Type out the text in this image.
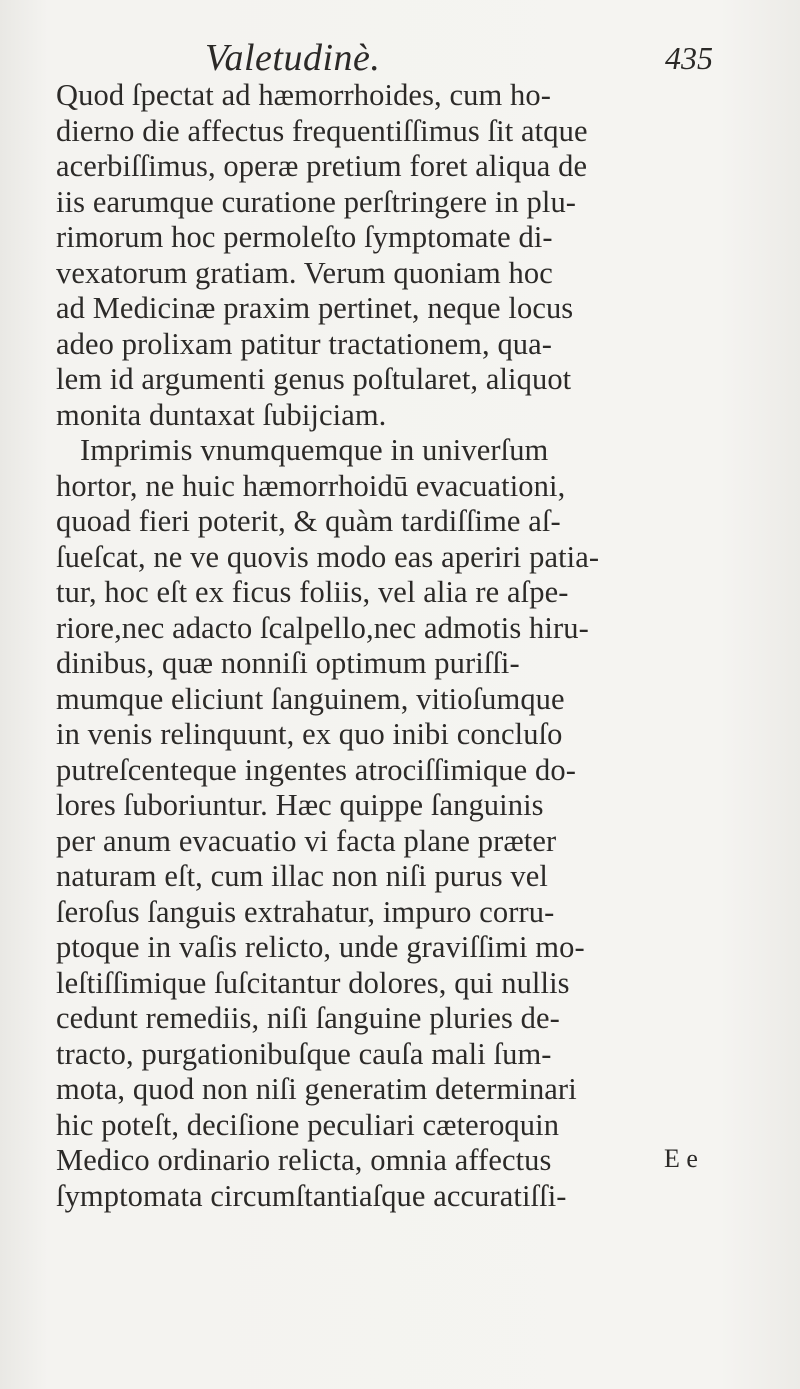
Valetudinè.	435
Quod ſpectat ad hæmorrhoides, cum ho-
dierno die affectus frequentiſſimus ſit atque
acerbiſſimus, operæ pretium foret aliqua de
iis earumque curatione perſtringere in plu-
rimorum hoc permoleſto ſymptomate di-
vexatorum gratiam. Verum quoniam hoc
ad Medicinæ praxim pertinet, neque locus
adeo prolixam patitur tractationem, qua-
lem id argumenti genus poſtularet, aliquot
monita duntaxat ſubijciam.
Imprimis vnumquemque in univerſum
hortor, ne huic hæmorrhoidū evacuationi,
quoad fieri poterit, & quàm tardiſſime aſ-
ſueſcat, ne ve quovis modo eas aperiri patia-
tur, hoc eſt ex ficus foliis, vel alia re aſpe-
riore,nec adacto ſcalpello,nec admotis hiru-
dinibus, quæ nonniſi optimum puriſſi-
mumque eliciunt ſanguinem, vitioſumque
in venis relinquunt, ex quo inibi concluſo
putreſcenteque ingentes atrociſſimique do-
lores ſuboriuntur. Hæc quippe ſanguinis
per anum evacuatio vi facta plane præter
naturam eſt, cum illac non niſi purus vel
ſeroſus ſanguis extrahatur, impuro corru-
ptoque in vaſis relicto, unde graviſſimi mo-
leſtiſſimique ſuſcitantur dolores, qui nullis
cedunt remediis, niſi ſanguine pluries de-
tracto, purgationibuſque cauſa mali ſum-
mota, quod non niſi generatim determinari
hic poteſt, deciſione peculiari cæteroquin
Medico ordinario relicta, omnia affectus
ſymptomata circumſtantiaſque accuratiſſi-
E e
